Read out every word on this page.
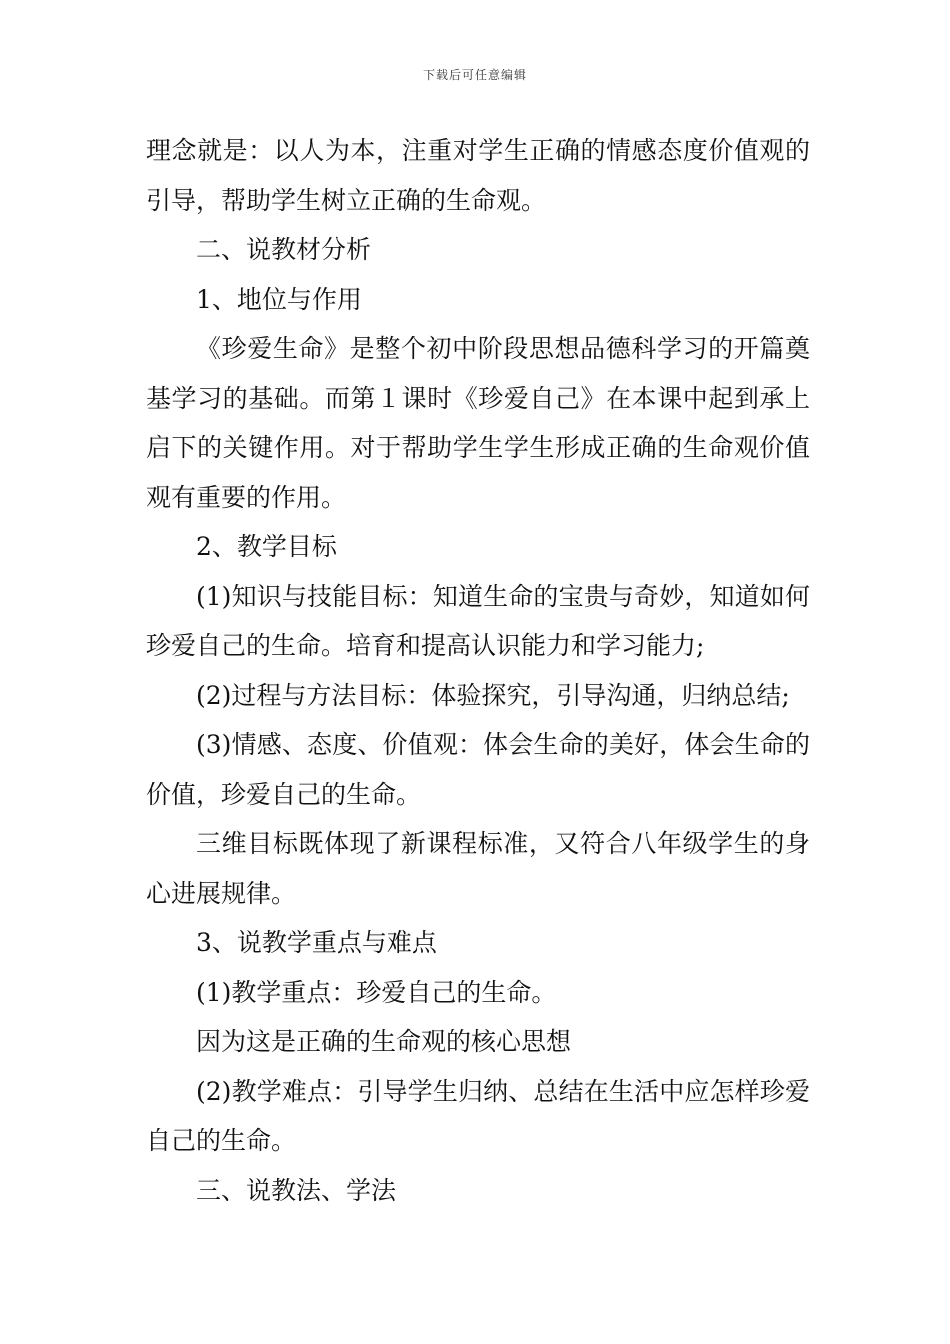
下载后可任意编辑

理念就是：以人为本，注重对学生正确的情感态度价值观的引导，帮助学生树立正确的生命观。

二、说教材分析

1、地位与作用

《珍爱生命》是整个初中阶段思想品德科学习的开篇奠基学习的基础。而第１课时《珍爱自己》在本课中起到承上启下的关键作用。对于帮助学生学生形成正确的生命观价值观有重要的作用。

2、教学目标

(1)知识与技能目标：知道生命的宝贵与奇妙，知道如何珍爱自己的生命。培育和提高认识能力和学习能力;

(2)过程与方法目标：体验探究，引导沟通，归纳总结;

(3)情感、态度、价值观：体会生命的美好，体会生命的价值，珍爱自己的生命。

三维目标既体现了新课程标准，又符合八年级学生的身心进展规律。

3、说教学重点与难点

(1)教学重点：珍爱自己的生命。

因为这是正确的生命观的核心思想

(2)教学难点：引导学生归纳、总结在生活中应怎样珍爱自己的生命。

三、说教法、学法
